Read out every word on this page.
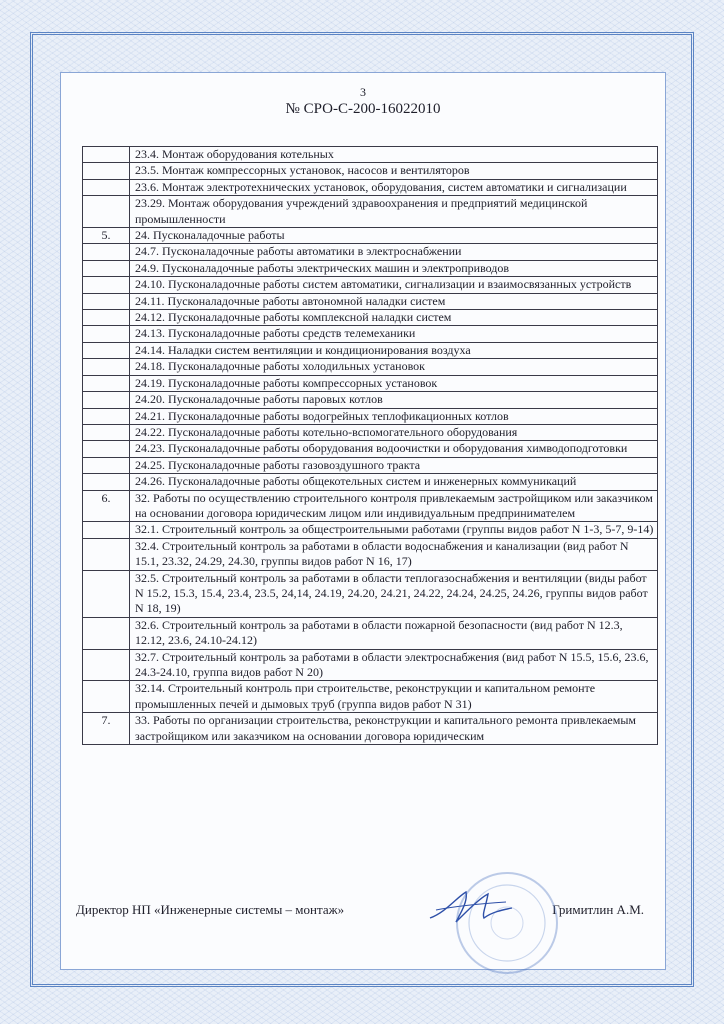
3
№ СРО-С-200-16022010
	23.4. Монтаж оборудования котельных
	23.5. Монтаж компрессорных установок, насосов и вентиляторов
	23.6. Монтаж электротехнических установок, оборудования, систем автоматики и сигнализации
	23.29. Монтаж оборудования учреждений здравоохранения и предприятий медицинской промышленности
5.	24. Пусконаладочные работы
	24.7. Пусконаладочные работы автоматики в электроснабжении
	24.9. Пусконаладочные работы электрических машин и электроприводов
	24.10. Пусконаладочные работы систем автоматики, сигнализации и взаимосвязанных устройств
	24.11. Пусконаладочные работы автономной наладки систем
	24.12. Пусконаладочные работы комплексной наладки систем
	24.13. Пусконаладочные работы средств телемеханики
	24.14. Наладки систем вентиляции и кондиционирования воздуха
	24.18. Пусконаладочные работы холодильных установок
	24.19. Пусконаладочные работы компрессорных установок
	24.20. Пусконаладочные работы паровых котлов
	24.21. Пусконаладочные работы водогрейных теплофикационных котлов
	24.22. Пусконаладочные работы котельно-вспомогательного оборудования
	24.23. Пусконаладочные работы оборудования водоочистки и оборудования химводоподготовки
	24.25. Пусконаладочные работы газовоздушного тракта
	24.26. Пусконаладочные работы общекотельных систем и инженерных коммуникаций
6.	32. Работы по осуществлению строительного контроля привлекаемым застройщиком или заказчиком на основании договора юридическим лицом или индивидуальным предпринимателем
	32.1. Строительный контроль за общестроительными работами (группы видов работ N 1-3, 5-7, 9-14)
	32.4. Строительный контроль за работами в области водоснабжения и канализации (вид работ N 15.1, 23.32, 24.29, 24.30, группы видов работ N 16, 17)
	32.5. Строительный контроль за работами в области теплогазоснабжения и вентиляции (виды работ N 15.2, 15.3, 15.4, 23.4, 23.5, 24,14, 24.19, 24.20, 24.21, 24.22, 24.24, 24.25, 24.26, группы видов работ N 18, 19)
	32.6. Строительный контроль за работами в области пожарной безопасности (вид работ N 12.3, 12.12, 23.6, 24.10-24.12)
	32.7. Строительный контроль за работами в области электроснабжения (вид работ N 15.5, 15.6, 23.6, 24.3-24.10, группа видов работ N 20)
	32.14. Строительный контроль при строительстве, реконструкции и капитальном ремонте промышленных печей и дымовых труб (группа видов работ N 31)
7.	33. Работы по организации строительства, реконструкции и капитального ремонта привлекаемым застройщиком или заказчиком на основании договора юридическим
Директор НП «Инженерные системы – монтаж»	Гримитлин А.М.
